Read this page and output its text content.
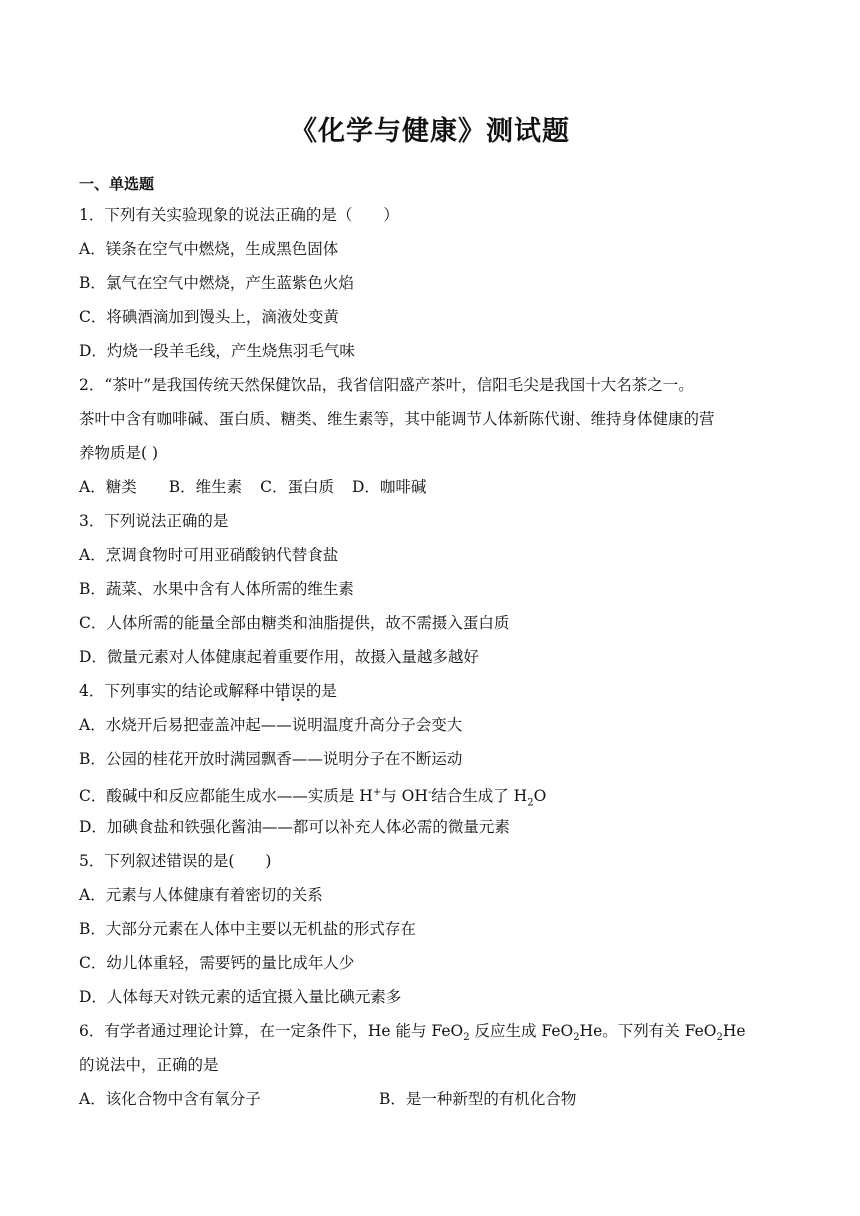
《化学与健康》测试题
一、单选题
1．下列有关实验现象的说法正确的是（　　）
A．镁条在空气中燃烧，生成黑色固体
B．氯气在空气中燃烧，产生蓝紫色火焰
C．将碘酒滴加到馒头上，滴液处变黄
D．灼烧一段羊毛线，产生烧焦羽毛气味
2．“茶叶”是我国传统天然保健饮品，我省信阳盛产茶叶，信阳毛尖是我国十大名茶之一。
茶叶中含有咖啡碱、蛋白质、糖类、维生素等，其中能调节人体新陈代谢、维持身体健康的营
养物质是( )
A．糖类 B．维生素 C．蛋白质 D．咖啡碱
3．下列说法正确的是
A．烹调食物时可用亚硝酸钠代替食盐
B．蔬菜、水果中含有人体所需的维生素
C．人体所需的能量全部由糖类和油脂提供，故不需摄入蛋白质
D．微量元素对人体健康起着重要作用，故摄入量越多越好
4．下列事实的结论或解释中错误的是
A．水烧开后易把壶盖冲起——说明温度升高分子会变大
B．公园的桂花开放时满园飘香——说明分子在不断运动
C．酸碱中和反应都能生成水——实质是 H+与 OH-结合生成了 $H_2O$
D．加碘食盐和铁强化酱油——都可以补充人体必需的微量元素
5．下列叙述错误的是(　　)
A．元素与人体健康有着密切的关系
B．大部分元素在人体中主要以无机盐的形式存在
C．幼儿体重轻，需要钙的量比成年人少
D．人体每天对铁元素的适宜摄入量比碘元素多
6．有学者通过理论计算，在一定条件下，He 能与 FeO$_2$ 反应生成 FeO$_2$He。下列有关 FeO$_2$He
的说法中，正确的是
A．该化合物中含有氧分子	B．是一种新型的有机化合物
